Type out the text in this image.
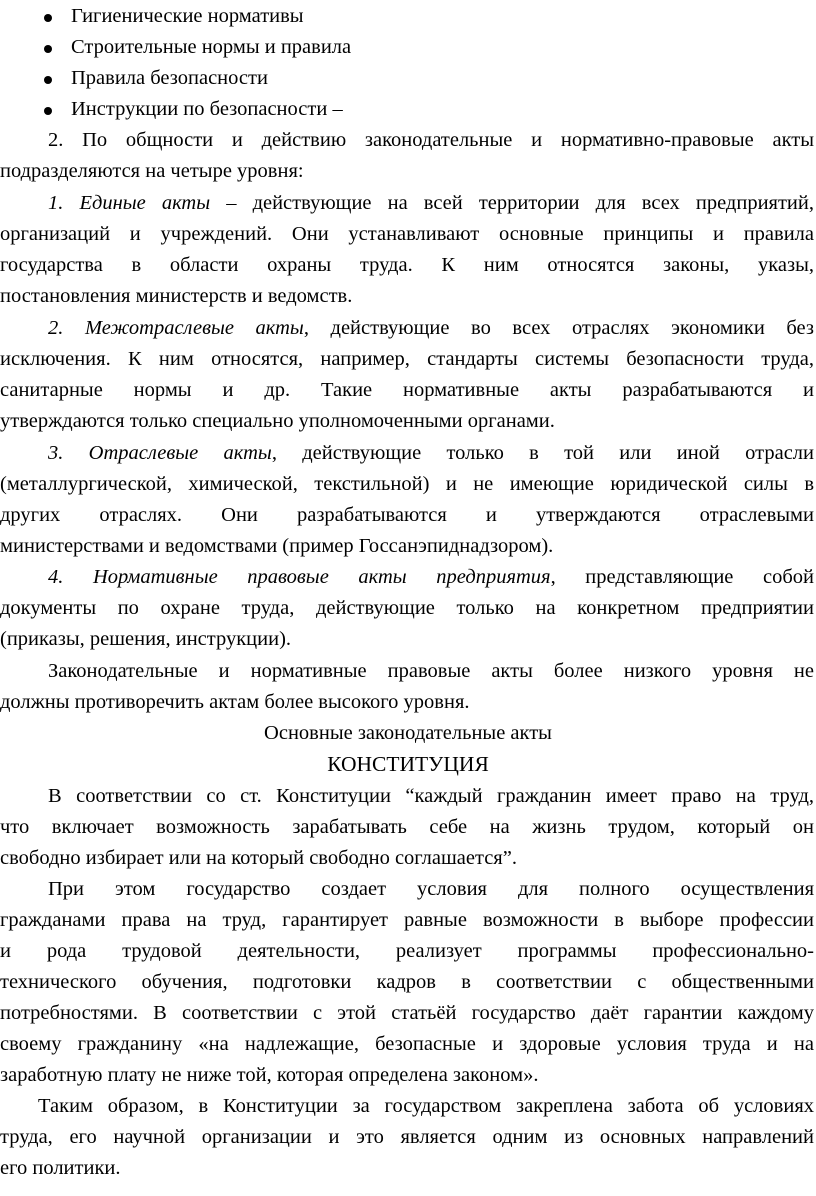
Гигиенические нормативы
Строительные нормы и правила
Правила безопасности
Инструкции по безопасности –
2. По общности и действию законодательные и нормативно-правовые акты
подразделяются на четыре уровня:
1. Единые акты – действующие на всей территории для всех предприятий,
организаций и учреждений. Они устанавливают основные принципы и правила
государства в области охраны труда. К ним относятся законы, указы,
постановления министерств и ведомств.
2. Межотраслевые акты, действующие во всех отраслях экономики без
исключения. К ним относятся, например, стандарты системы безопасности труда,
санитарные нормы и др. Такие нормативные акты разрабатываются и
утверждаются только специально уполномоченными органами.
3. Отраслевые акты, действующие только в той или иной отрасли
(металлургической, химической, текстильной) и не имеющие юридической силы в
других отраслях. Они разрабатываются и утверждаются отраслевыми
министерствами и ведомствами (пример Госсанэпиднадзором).
4. Нормативные правовые акты предприятия, представляющие собой
документы по охране труда, действующие только на конкретном предприятии
(приказы, решения, инструкции).
Законодательные и нормативные правовые акты более низкого уровня не
должны противоречить актам более высокого уровня.
Основные законодательные акты
КОНСТИТУЦИЯ
В соответствии со ст. Конституции “каждый гражданин имеет право на труд,
что включает возможность зарабатывать себе на жизнь трудом, который он
свободно избирает или на который свободно соглашается”.
При этом государство создает условия для полного осуществления
гражданами права на труд, гарантирует равные возможности в выборе профессии
и рода трудовой деятельности, реализует программы профессионально-
технического обучения, подготовки кадров в соответствии с общественными
потребностями. В соответствии с этой статьёй государство даёт гарантии каждому
своему гражданину «на надлежащие, безопасные и здоровые условия труда и на
заработную плату не ниже той, которая определена законом».
Таким образом, в Конституции за государством закреплена забота об условиях
труда, его научной организации и это является одним из основных направлений
его политики.
